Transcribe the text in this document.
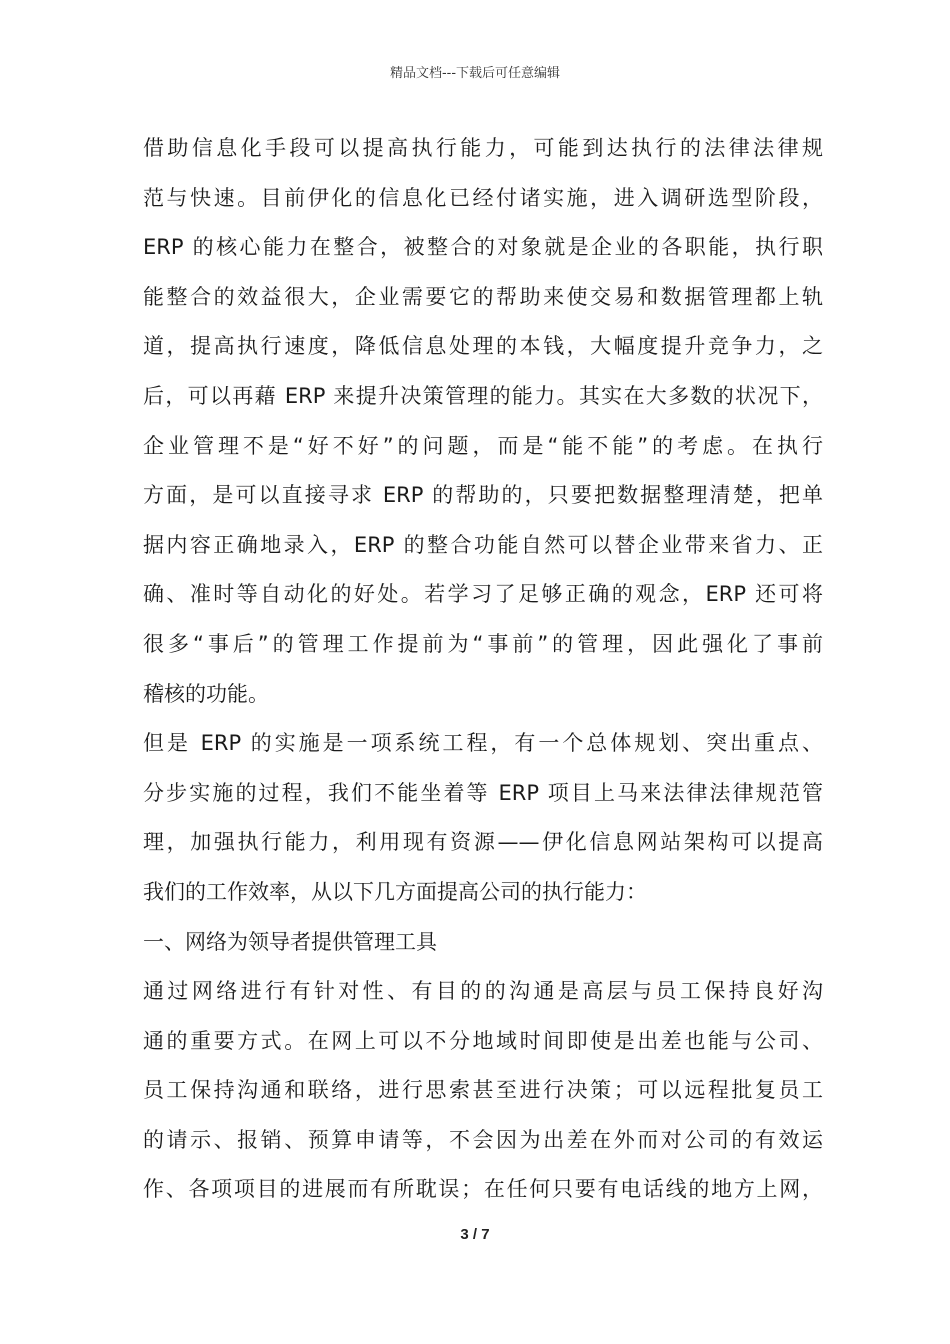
精品文档---下载后可任意编辑
借助信息化手段可以提高执行能力，可能到达执行的法律法律规
范与快速。目前伊化的信息化已经付诸实施，进入调研选型阶段，
ERP 的核心能力在整合，被整合的对象就是企业的各职能，执行职
能整合的效益很大，企业需要它的帮助来使交易和数据管理都上轨
道，提高执行速度，降低信息处理的本钱，大幅度提升竞争力，之
后，可以再藉 ERP 来提升决策管理的能力。其实在大多数的状况下，
企业管理不是“好不好”的问题，而是“能不能”的考虑。在执行
方面，是可以直接寻求 ERP 的帮助的，只要把数据整理清楚，把单
据内容正确地录入，ERP 的整合功能自然可以替企业带来省力、正
确、准时等自动化的好处。若学习了足够正确的观念，ERP 还可将
很多“事后”的管理工作提前为“事前”的管理，因此强化了事前
稽核的功能。
但是 ERP 的实施是一项系统工程，有一个总体规划、突出重点、
分步实施的过程，我们不能坐着等 ERP 项目上马来法律法律规范管
理，加强执行能力，利用现有资源——伊化信息网站架构可以提高
我们的工作效率，从以下几方面提高公司的执行能力：
一、网络为领导者提供管理工具
通过网络进行有针对性、有目的的沟通是高层与员工保持良好沟
通的重要方式。在网上可以不分地域时间即使是出差也能与公司、
员工保持沟通和联络，进行思索甚至进行决策；可以远程批复员工
的请示、报销、预算申请等，不会因为出差在外而对公司的有效运
作、各项项目的进展而有所耽误；在任何只要有电话线的地方上网，
3 / 7
